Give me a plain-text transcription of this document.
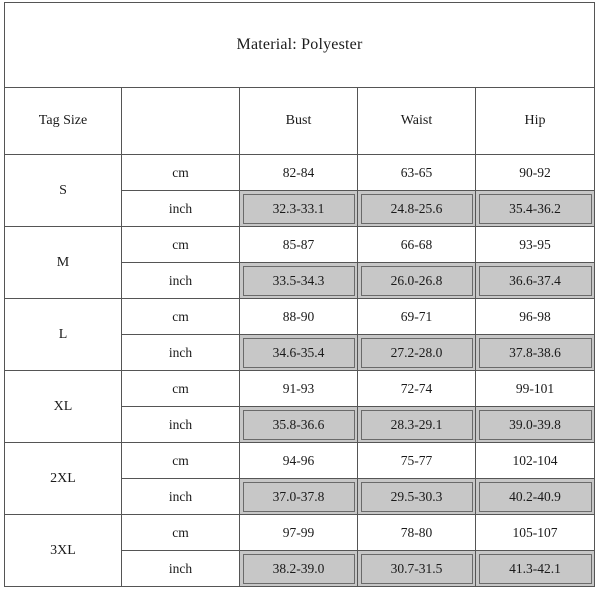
Material: Polyester				
Tag Size		Bust	Waist	Hip
S	cm	82-84	63-65	90-92
	inch	32.3-33.1	24.8-25.6	35.4-36.2
M	cm	85-87	66-68	93-95
	inch	33.5-34.3	26.0-26.8	36.6-37.4
L	cm	88-90	69-71	96-98
	inch	34.6-35.4	27.2-28.0	37.8-38.6
XL	cm	91-93	72-74	99-101
	inch	35.8-36.6	28.3-29.1	39.0-39.8
2XL	cm	94-96	75-77	102-104
	inch	37.0-37.8	29.5-30.3	40.2-40.9
3XL	cm	97-99	78-80	105-107
	inch	38.2-39.0	30.7-31.5	41.3-42.1
